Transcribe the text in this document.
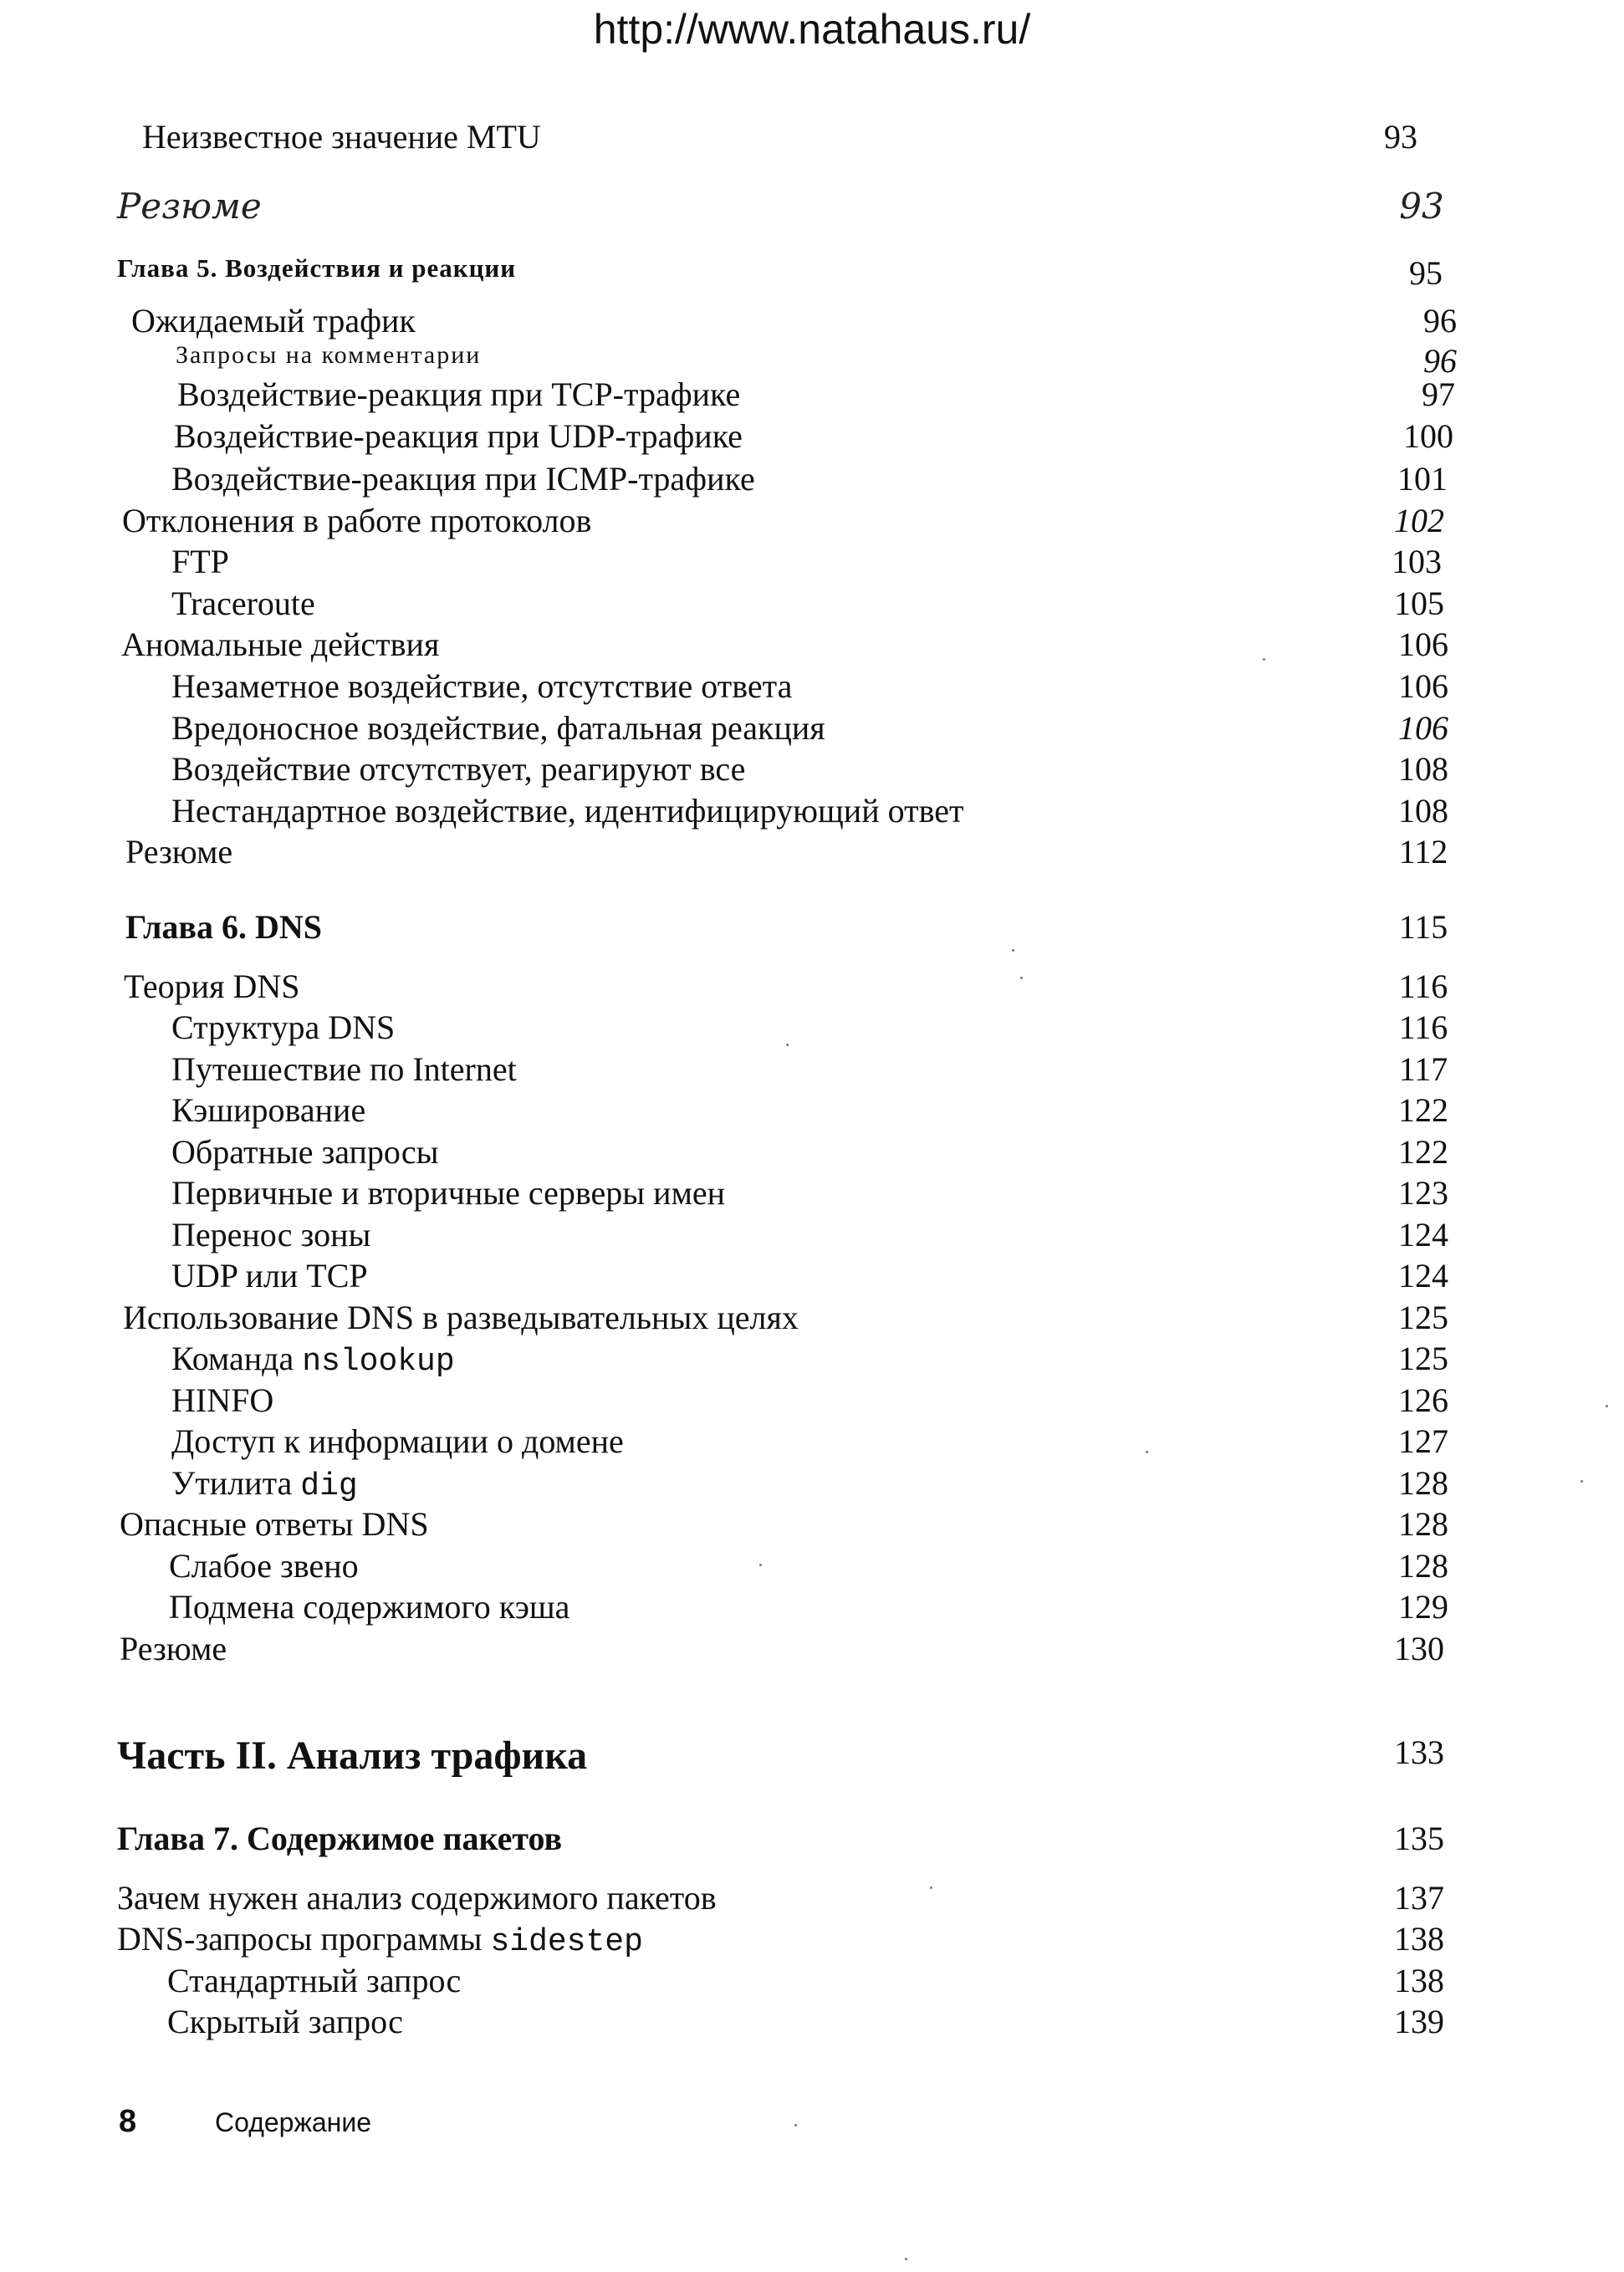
http://www.natahaus.ru/
Неизвестное значение MTU	93
Резюме	93
Глава 5. Воздействия и реакции	95
Ожидаемый трафик	96
Запросы на комментарии	96
Воздействие-реакция при TCP-трафике	97
Воздействие-реакция при UDP-трафике	100
Воздействие-реакция при ICMP-трафике	101
Отклонения в работе протоколов	102
FTP	103
Traceroute	105
Аномальные действия	106
Незаметное воздействие, отсутствие ответа	106
Вредоносное воздействие, фатальная реакция	106
Воздействие отсутствует, реагируют все	108
Нестандартное воздействие, идентифицирующий ответ	108
Резюме	112
Глава 6. DNS	115
Теория DNS	116
Структура DNS	116
Путешествие по Internet	117
Кэширование	122
Обратные запросы	122
Первичные и вторичные серверы имен	123
Перенос зоны	124
UDP или TCP	124
Использование DNS в разведывательных целях	125
Команда nslookup	125
HINFO	126
Доступ к информации о домене	127
Утилита dig	128
Опасные ответы DNS	128
Слабое звено	128
Подмена содержимого кэша	129
Резюме	130
Часть II. Анализ трафика	133
Глава 7. Содержимое пакетов	135
Зачем нужен анализ содержимого пакетов	137
DNS-запросы программы sidestep	138
Стандартный запрос	138
Скрытый запрос	139
8	Содержание
